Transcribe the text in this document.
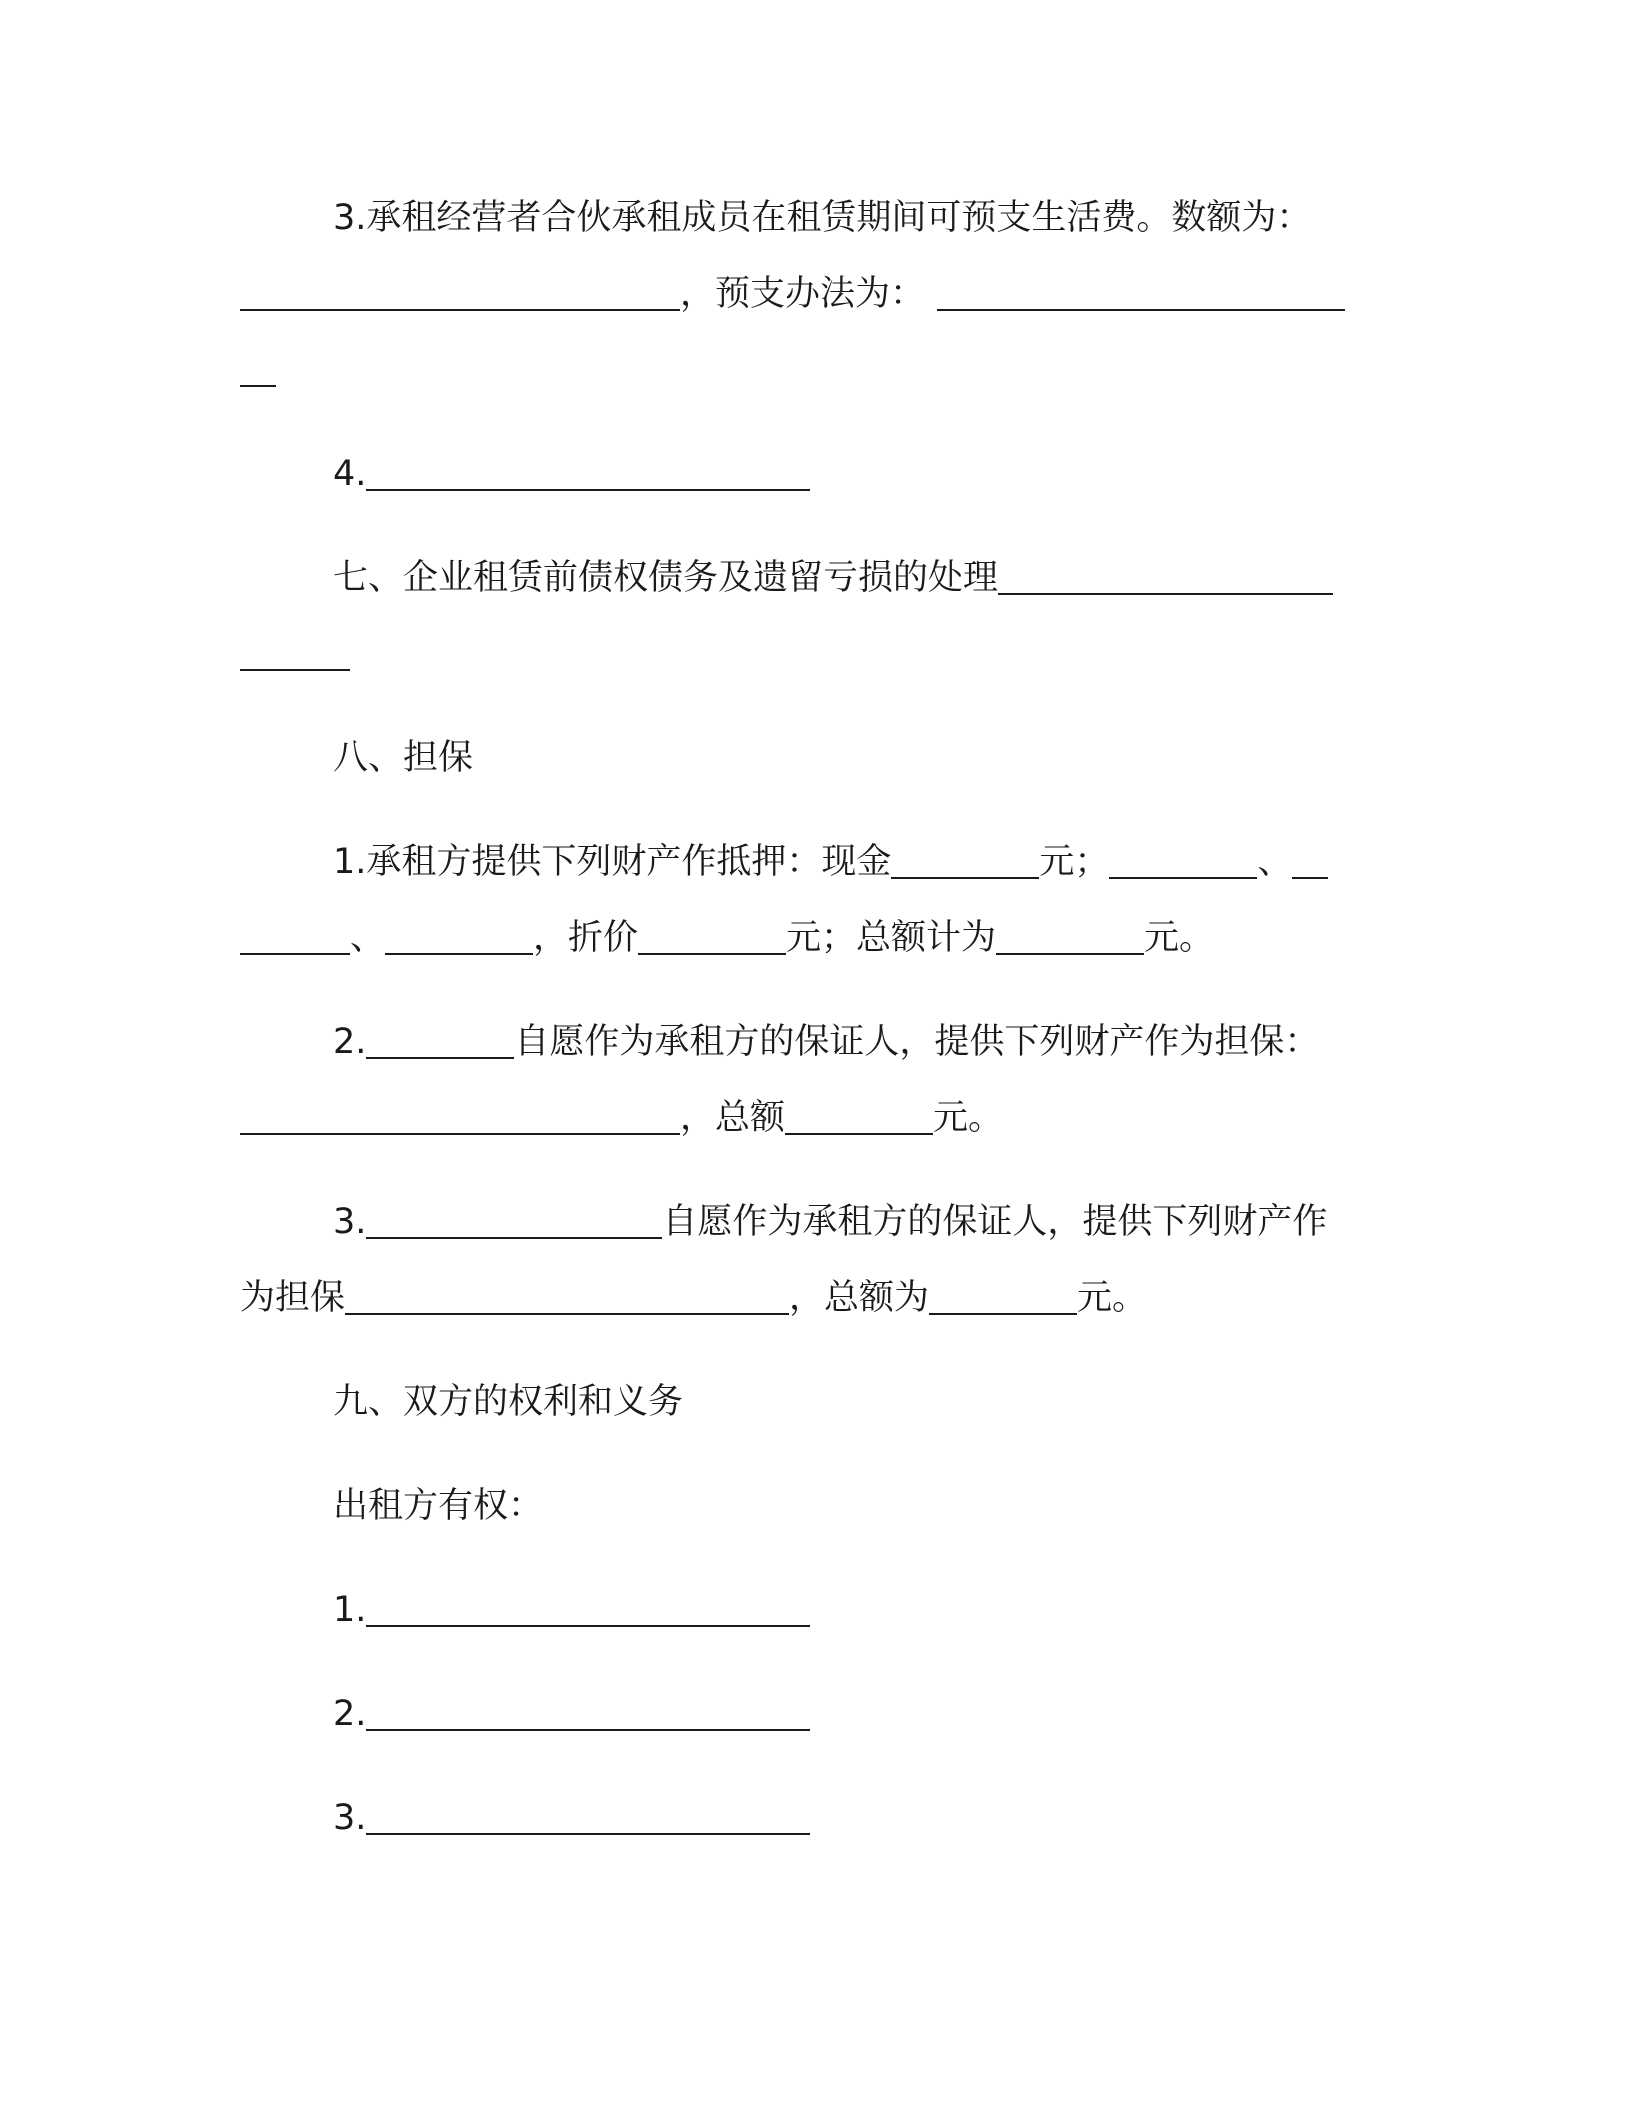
3.承租经营者合伙承租成员在租赁期间可预支生活费。数额为：
，预支办法为：
4.
七、企业租赁前债权债务及遗留亏损的处理
八、担保
1.承租方提供下列财产作抵押：现金	元；	、
、	，折价	元；总额计为	元。
2.	自愿作为承租方的保证人，提供下列财产作为担保：
，总额	元。
3.	自愿作为承租方的保证人，提供下列财产作
为担保	，总额为	元。
九、双方的权利和义务
出租方有权：
1.
2.
3.
